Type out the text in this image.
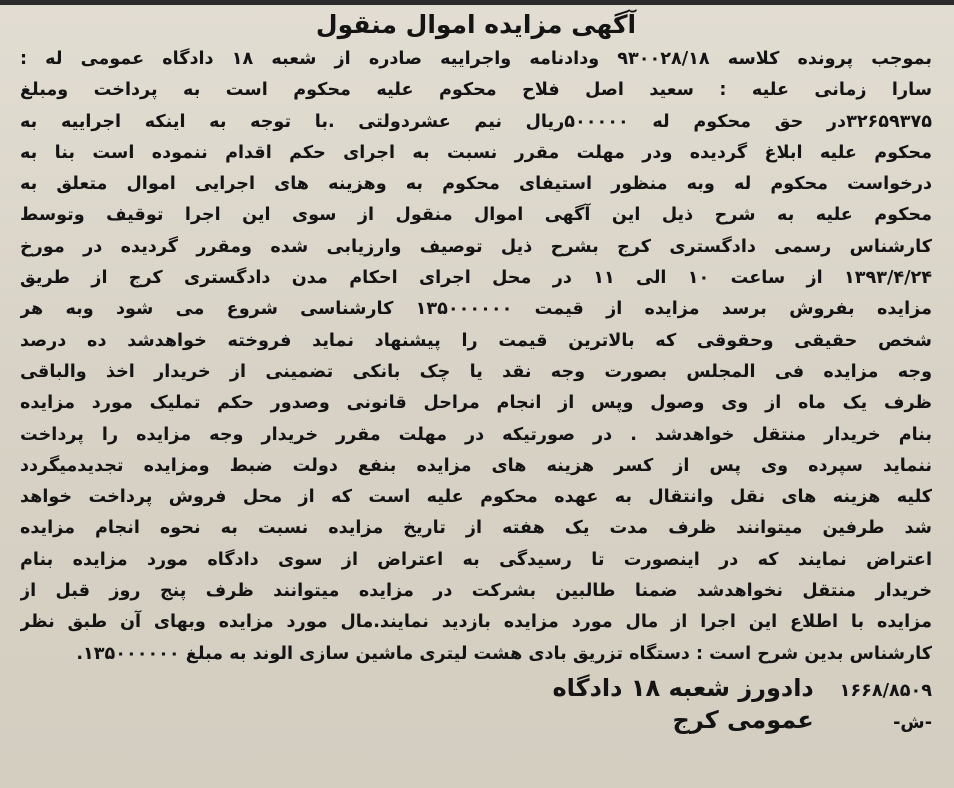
آگهی مزایده اموال منقول
بموجب پرونده کلاسه ۹۳۰۰۲۸/۱۸ ودادنامه واجراییه صادره از شعبه ۱۸ دادگاه عمومی له :
سارا زمانی علیه : سعید اصل فلاح محکوم علیه محکوم است به پرداخت ومبلغ
۳۲۶۵۹۳۷۵در حق محکوم له ۵۰۰۰۰۰ریال نیم عشردولتی .با توجه به اینکه اجراییه به
محکوم علیه ابلاغ گردیده ودر مهلت مقرر نسبت به اجرای حکم اقدام ننموده است بنا به
درخواست محکوم له وبه منظور استیفای محکوم به وهزینه های اجرایی اموال متعلق به
محکوم علیه به شرح ذیل این آگهی اموال منقول از سوی این اجرا توقیف وتوسط
کارشناس رسمی دادگستری کرج بشرح ذیل توصیف وارزیابی شده ومقرر گردیده در مورخ
۱۳۹۳/۴/۲۴ از ساعت ۱۰ الی ۱۱ در محل اجرای احکام مدن دادگستری کرج از طریق
مزایده بفروش برسد مزایده از قیمت ۱۳۵۰۰۰۰۰۰ کارشناسی شروع می شود وبه هر
شخص حقیقی وحقوقی که بالاترین قیمت را پیشنهاد نماید فروخته خواهدشد ده درصد
وجه مزایده فی المجلس بصورت وجه نقد یا چک بانکی تضمینی از خریدار اخذ والباقی
ظرف یک ماه از وی وصول وپس از انجام مراحل قانونی وصدور حکم تملیک مورد مزایده
بنام خریدار منتقل خواهدشد . در صورتیکه در مهلت مقرر خریدار وجه مزایده را پرداخت
ننماید سپرده وی پس از کسر هزینه های مزایده بنفع دولت ضبط ومزایده تجدیدمیگردد
کلیه هزینه های نقل وانتقال به عهده محکوم علیه است که از محل فروش پرداخت خواهد
شد طرفین میتوانند ظرف مدت یک هفته از تاریخ مزایده نسبت به نحوه انجام مزایده
اعتراض نمایند که در اینصورت تا رسیدگی به اعتراض از سوی دادگاه مورد مزایده بنام
خریدار منتقل نخواهدشد ضمنا طالبین بشرکت در مزایده میتوانند ظرف پنج روز قبل از
مزایده با اطلاع این اجرا از مال مورد مزایده بازدید نمایند.مال مورد مزایده وبهای آن طبق نظر
کارشناس بدین شرح است : دستگاه تزریق بادی هشت لیتری ماشین سازی الوند به مبلغ ۱۳۵۰۰۰۰۰۰.
۱۶۶۸/۸۵۰۹ -ش-
دادورز شعبه ۱۸ دادگاه عمومی کرج
